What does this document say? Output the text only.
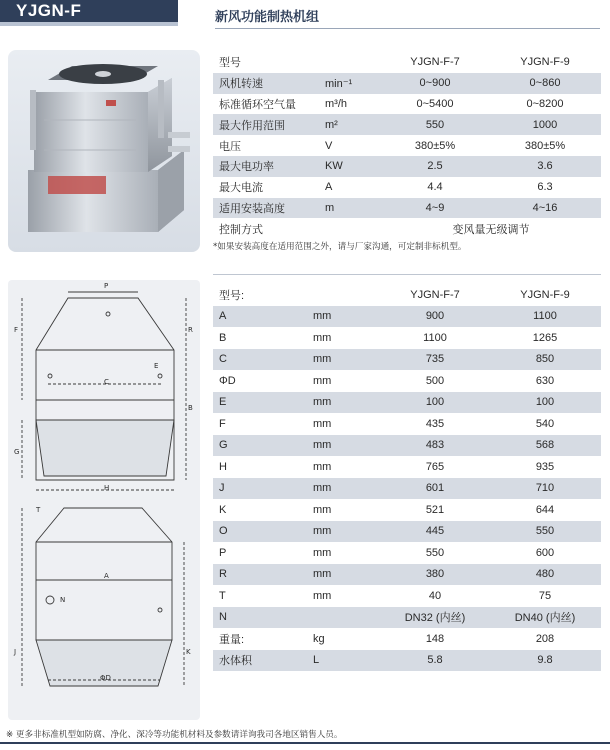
YJGN-F	新风功能制热机组
型号		YJGN-F-7	YJGN-F-9
风机转速	min⁻¹	0~900	0~860
标准循环空气量	m³/h	0~5400	0~8200
最大作用范围	m²	550	1000
电压	V	380±5%	380±5%
最大电功率	KW	2.5	3.6
最大电流	A	4.4	6.3
适用安装高度	m	4~9	4~16
控制方式		变风量无级调节	
*如果安装高度在适用范围之外，请与厂家沟通，可定制非标机型。
P
F	R
E
C
B
G
H
T
A
N
J	K
ΦD
型号:		YJGN-F-7	YJGN-F-9
A	mm	900	1100
B	mm	1100	1265
C	mm	735	850
ΦD	mm	500	630
E	mm	100	100
F	mm	435	540
G	mm	483	568
H	mm	765	935
J	mm	601	710
K	mm	521	644
O	mm	445	550
P	mm	550	600
R	mm	380	480
T	mm	40	75
N		DN32 (内丝)	DN40 (内丝)
重量:	kg	148	208
水体积	L	5.8	9.8
※ 更多非标准机型如防腐、净化、深冷等功能机材料及参数请详询我司各地区销售人员。
